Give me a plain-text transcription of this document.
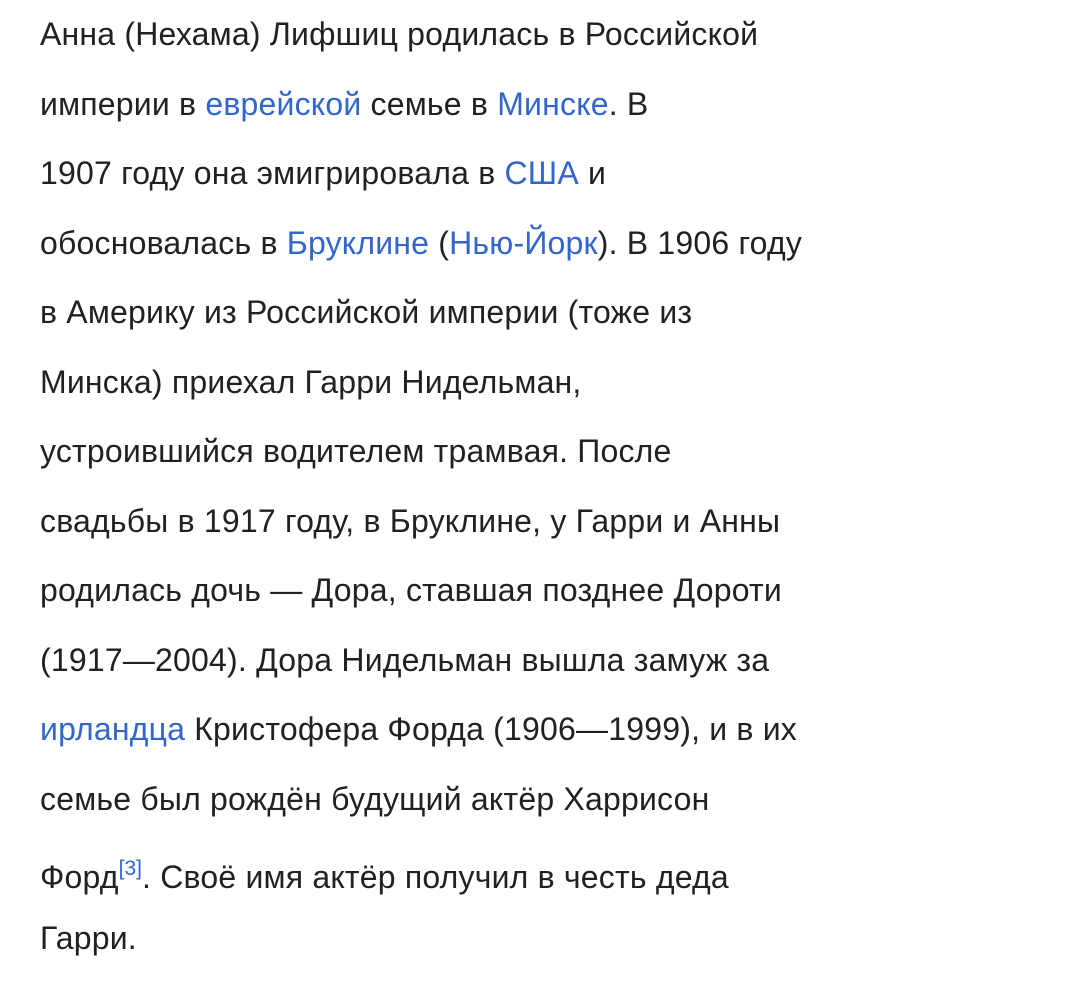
Анна (Нехама) Лифшиц родилась в Российской
империи в еврейской семье в Минске. В
1907 году она эмигрировала в США и
обосновалась в Бруклине (Нью-Йорк). В 1906 году
в Америку из Российской империи (тоже из
Минска) приехал Гарри Нидельман,
устроившийся водителем трамвая. После
свадьбы в 1917 году, в Бруклине, у Гарри и Анны
родилась дочь — Дора, ставшая позднее Дороти
(1917—2004). Дора Нидельман вышла замуж за
ирландца Кристофера Форда (1906—1999), и в их
семье был рождён будущий актёр Харрисон
Форд[3]. Своё имя актёр получил в честь деда
Гарри.
